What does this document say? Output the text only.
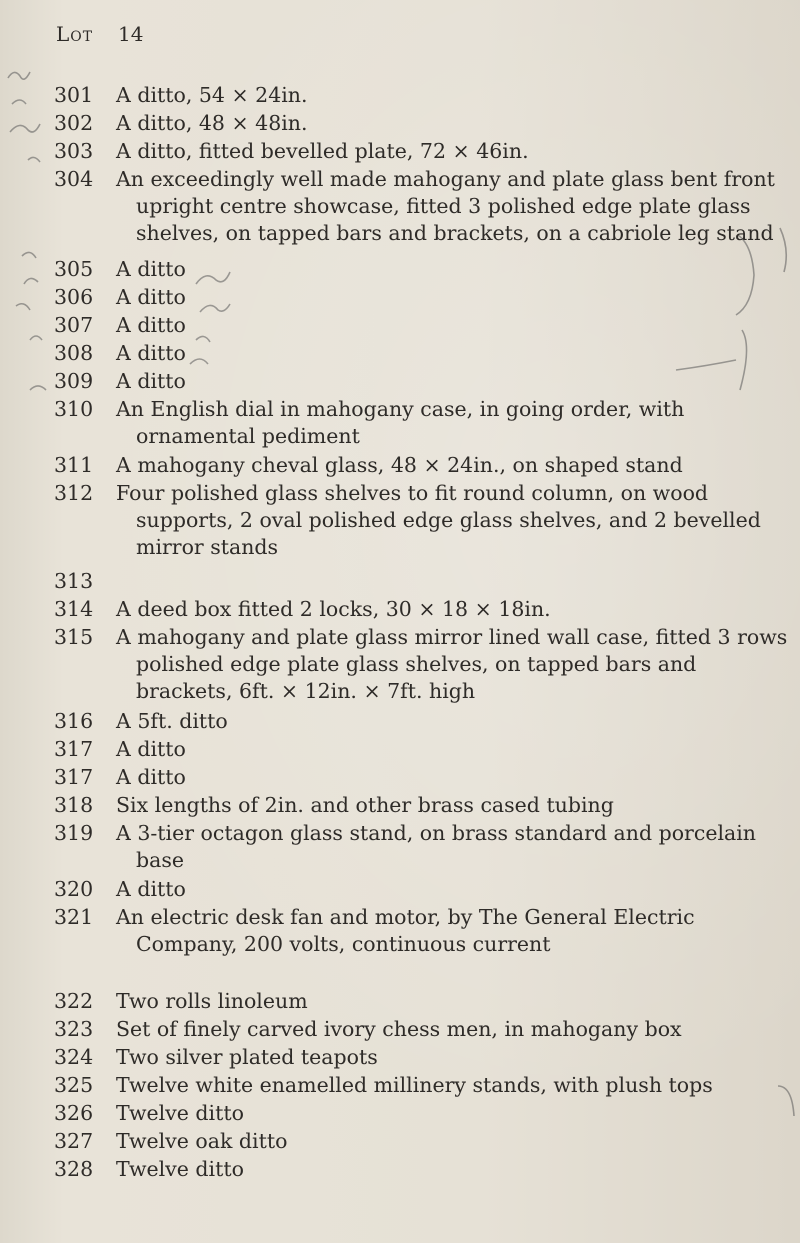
Lot 14
301	A ditto, 54 × 24in.
302	A ditto, 48 × 48in.
303	A ditto, fitted bevelled plate, 72 × 46in.
304	An exceedingly well made mahogany and plate glass bent front upright centre showcase, fitted 3 polished edge plate glass shelves, on tapped bars and brackets, on a cabriole leg stand
305	A ditto
306	A ditto
307	A ditto
308	A ditto
309	A ditto
310	An English dial in mahogany case, in going order, with ornamental pediment
311	A mahogany cheval glass, 48 × 24in., on shaped stand
312	Four polished glass shelves to fit round column, on wood supports, 2 oval polished edge glass shelves, and 2 bevelled mirror stands
313
314	A deed box fitted 2 locks, 30 × 18 × 18in.
315	A mahogany and plate glass mirror lined wall case, fitted 3 rows polished edge plate glass shelves, on tapped bars and brackets, 6ft. × 12in. × 7ft. high
316	A 5ft. ditto
317	A ditto
317	A ditto
318	Six lengths of 2in. and other brass cased tubing
319	A 3-tier octagon glass stand, on brass standard and porcelain base
320	A ditto
321	An electric desk fan and motor, by The General Electric Company, 200 volts, continuous current
322	Two rolls linoleum
323	Set of finely carved ivory chess men, in mahogany box
324	Two silver plated teapots
325	Twelve white enamelled millinery stands, with plush tops
326	Twelve ditto
327	Twelve oak ditto
328	Twelve ditto
